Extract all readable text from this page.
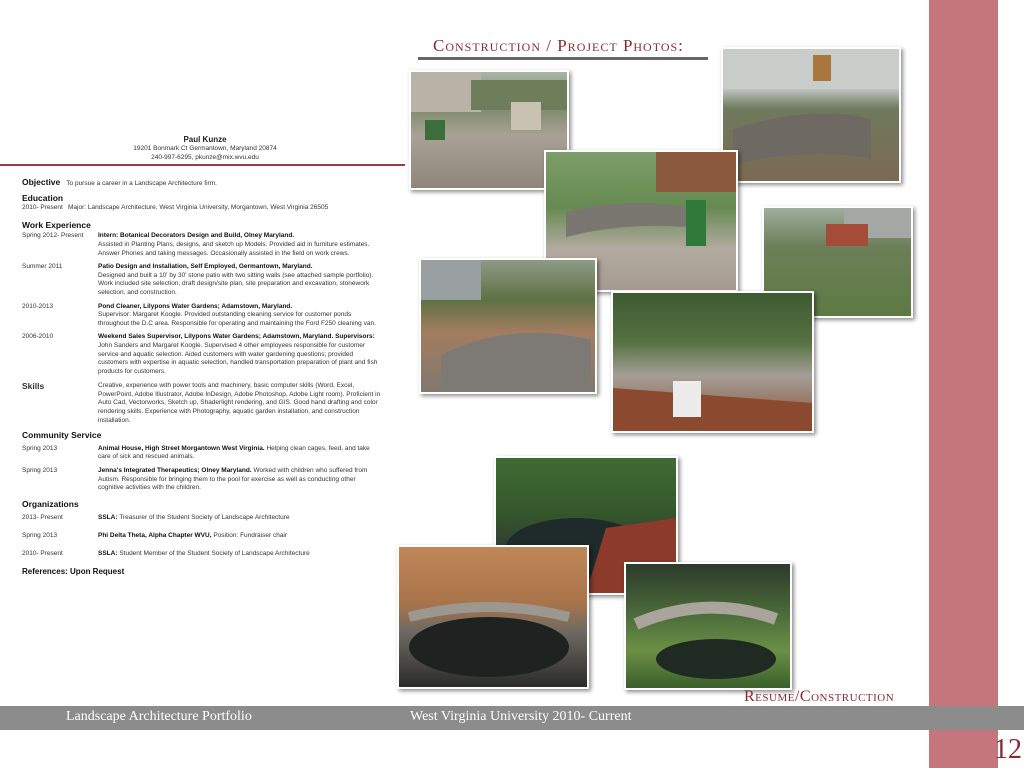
12
Construction / Project Photos:
Paul Kunze
19201 Bonmark Ct Germantown, Maryland 20874
240-997-6295, pkunze@mix.wvu.edu
Objective To pursue a career in a Landscape Architecture firm.
Education
2010- Present Major: Landscape Architecture. West Virginia University, Morgantown, West Virginia 26505
Work Experience
Spring 2012- Present	Intern: Botanical Decorators Design and Build, Olney Maryland.
Assisted in Planting Plans, designs, and sketch up Models. Provided aid in furniture estimates. Answer Phones and taking messages. Occasionally assisted in the field on work crews.
Summer 2011	Patio Design and Installation, Self Employed, Germantown, Maryland.
Designed and built a 10' by 30' stone patio with two sitting walls (see attached sample portfolio). Work included site selection, draft design/site plan, site preparation and excavation, stonework selection, and construction.
2010-2013	Pond Cleaner, Lilypons Water Gardens; Adamstown, Maryland.
Supervisor: Margaret Koogle. Provided outstanding cleaning service for customer ponds throughout the D.C area. Responsible for operating and maintaining the Ford F250 cleaning van.
2006-2010	Weekend Sales Supervisor, Lilypons Water Gardens; Adamstown, Maryland. Supervisors: John Sanders and Margaret Koogle. Supervised 4 other employees responsible for customer service and aquatic selection. Aided customers with water gardening questions; provided customers with expertise in aquatic selection, handled transportation preparation of plant and fish products for customers.
Skills	Creative, experience with power tools and machinery, basic computer skills (Word, Excel, PowerPoint, Adobe Illustrator, Adobe InDesign, Adobe Photoshop, Adobe Light room). Proficient in Auto Cad, Vectorworks, Sketch up, Shaderlight rendering, and GIS. Good hand drafting and color rendering skills. Experience with Photography, aquatic garden installation, and construction installation.
Community Service
Spring 2013	Animal House, High Street Morgantown West Virginia. Helping clean cages, feed, and take care of sick and rescued animals.
Spring 2013	Jenna's Integrated Therapeutics; Olney Maryland. Worked with children who suffered from Autism. Responsible for bringing them to the pool for exercise as well as conducting other cognitive activities with the children.
Organizations
2013- Present	SSLA: Treasurer of the Student Society of Landscape Architecture
Spring 2013	Phi Delta Theta, Alpha Chapter WVU, Position: Fundraiser chair
2010- Present	SSLA: Student Member of the Student Society of Landscape Architecture
References: Upon Request
Resume/Construction
Landscape Architecture Portfolio	West Virginia University 2010- Current
